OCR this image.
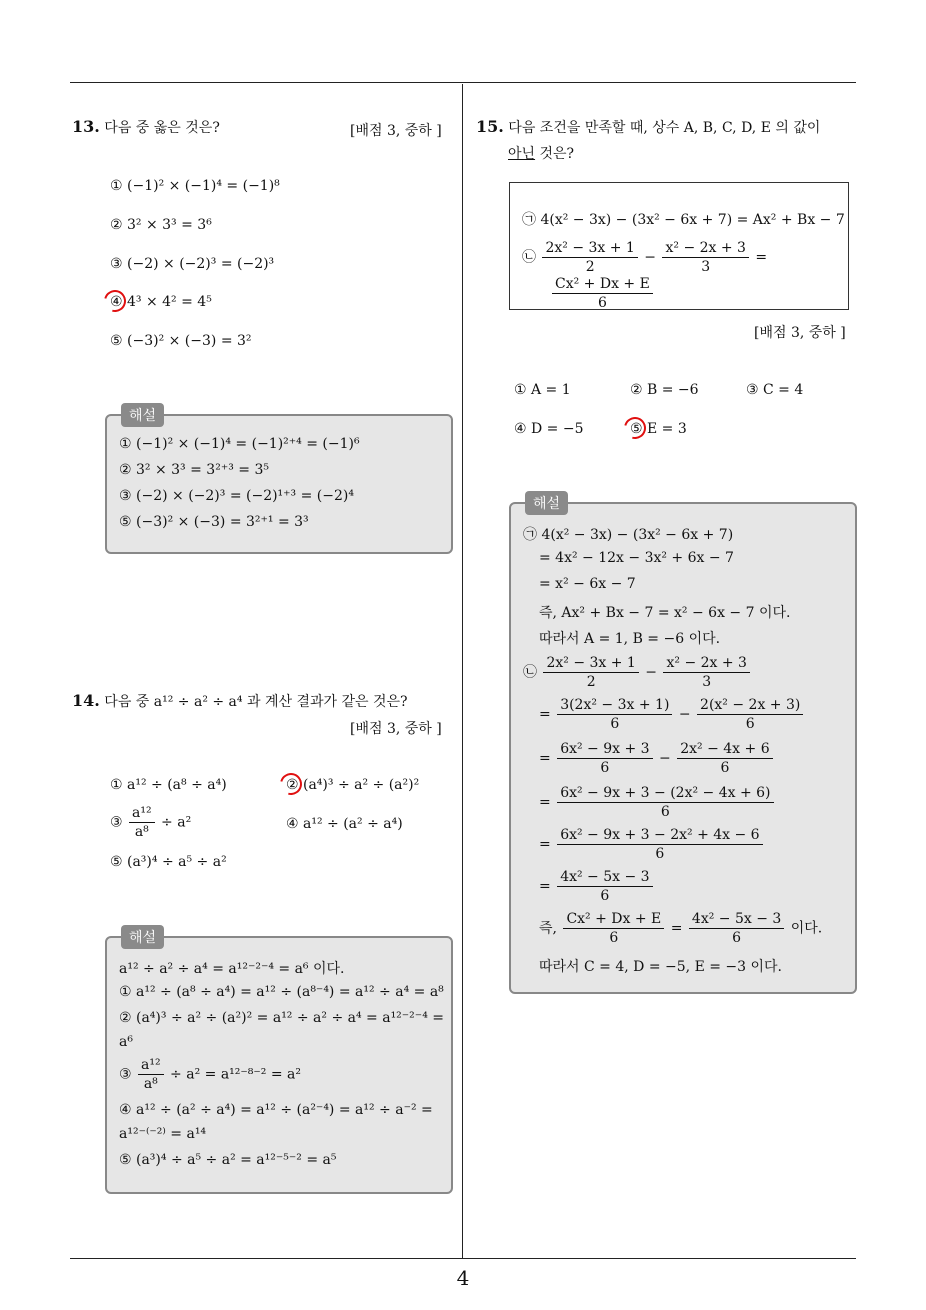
4
13. 다음 중 옳은 것은?	[배점 3, 중하 ]
① (−1)² × (−1)⁴ = (−1)⁸
② 3² × 3³ = 3⁶
③ (−2) × (−2)³ = (−2)³
④ 4³ × 4² = 4⁵
⑤ (−3)² × (−3) = 3²
해설
① (−1)² × (−1)⁴ = (−1)²⁺⁴ = (−1)⁶
② 3² × 3³ = 3²⁺³ = 3⁵
③ (−2) × (−2)³ = (−2)¹⁺³ = (−2)⁴
⑤ (−3)² × (−3) = 3²⁺¹ = 3³
14. 다음 중 a¹² ÷ a² ÷ a⁴ 과 계산 결과가 같은 것은?
[배점 3, 중하 ]
① a¹² ÷ (a⁸ ÷ a⁴)	② (a⁴)³ ÷ a² ÷ (a²)²
③ $\frac{\text{a¹²}}{\text{a⁸}} \div a^2$	④ a¹² ÷ (a² ÷ a⁴)
⑤ (a³)⁴ ÷ a⁵ ÷ a²
해설
a¹² ÷ a² ÷ a⁴ = a¹²⁻²⁻⁴ = a⁶ 이다.
① a¹² ÷ (a⁸ ÷ a⁴) = a¹² ÷ (a⁸⁻⁴) = a¹² ÷ a⁴ = a⁸
② (a⁴)³ ÷ a² ÷ (a²)² = a¹² ÷ a² ÷ a⁴ = a¹²⁻²⁻⁴ =
a⁶
③ $\frac{\text{a¹²}}{\text{a⁸}} \div a^2 = a^{12-8-2} = a^2$
④ a¹² ÷ (a² ÷ a⁴) = a¹² ÷ (a²⁻⁴) = a¹² ÷ a⁻² =
a¹²⁻⁽⁻²⁾ = a¹⁴
⑤ (a³)⁴ ÷ a⁵ ÷ a² = a¹²⁻⁵⁻² = a⁵
15. 다음 조건을 만족할 때, 상수 A, B, C, D, E 의 값이
아닌 것은?
㉠ 4(x² − 3x) − (3x² − 6x + 7) = Ax² + Bx − 7
㉡ $\frac{\text{2x² − 3x + 1}}{2} - \frac{\text{x² − 2x + 3}}{3}$ =
$\frac{\text{Cx² + Dx + E}}{6}$
[배점 3, 중하 ]
① A = 1	② B = −6	③ C = 4
④ D = −5	⑤ E = 3
해설
㉠ 4(x² − 3x) − (3x² − 6x + 7)
= 4x² − 12x − 3x² + 6x − 7
= x² − 6x − 7
즉, Ax² + Bx − 7 = x² − 6x − 7 이다.
따라서 A = 1, B = −6 이다.
㉡ $\frac{\text{2x² − 3x + 1}}{2} - \frac{\text{x² − 2x + 3}}{3}$
= $\frac{\text{3(2x² − 3x + 1)}}{6} - \frac{\text{2(x² − 2x + 3)}}{6}$
= $\frac{\text{6x² − 9x + 3}}{6} - \frac{\text{2x² − 4x + 6}}{6}$
= $\frac{\text{6x² − 9x + 3 − (2x² − 4x + 6)}}{6}$
= $\frac{\text{6x² − 9x + 3 − 2x² + 4x − 6}}{6}$
= $\frac{\text{4x² − 5x − 3}}{6}$
즉, $\frac{\text{Cx² + Dx + E}}{6} = \frac{\text{4x² − 5x − 3}}{6}$ 이다.
따라서 C = 4, D = −5, E = −3 이다.
